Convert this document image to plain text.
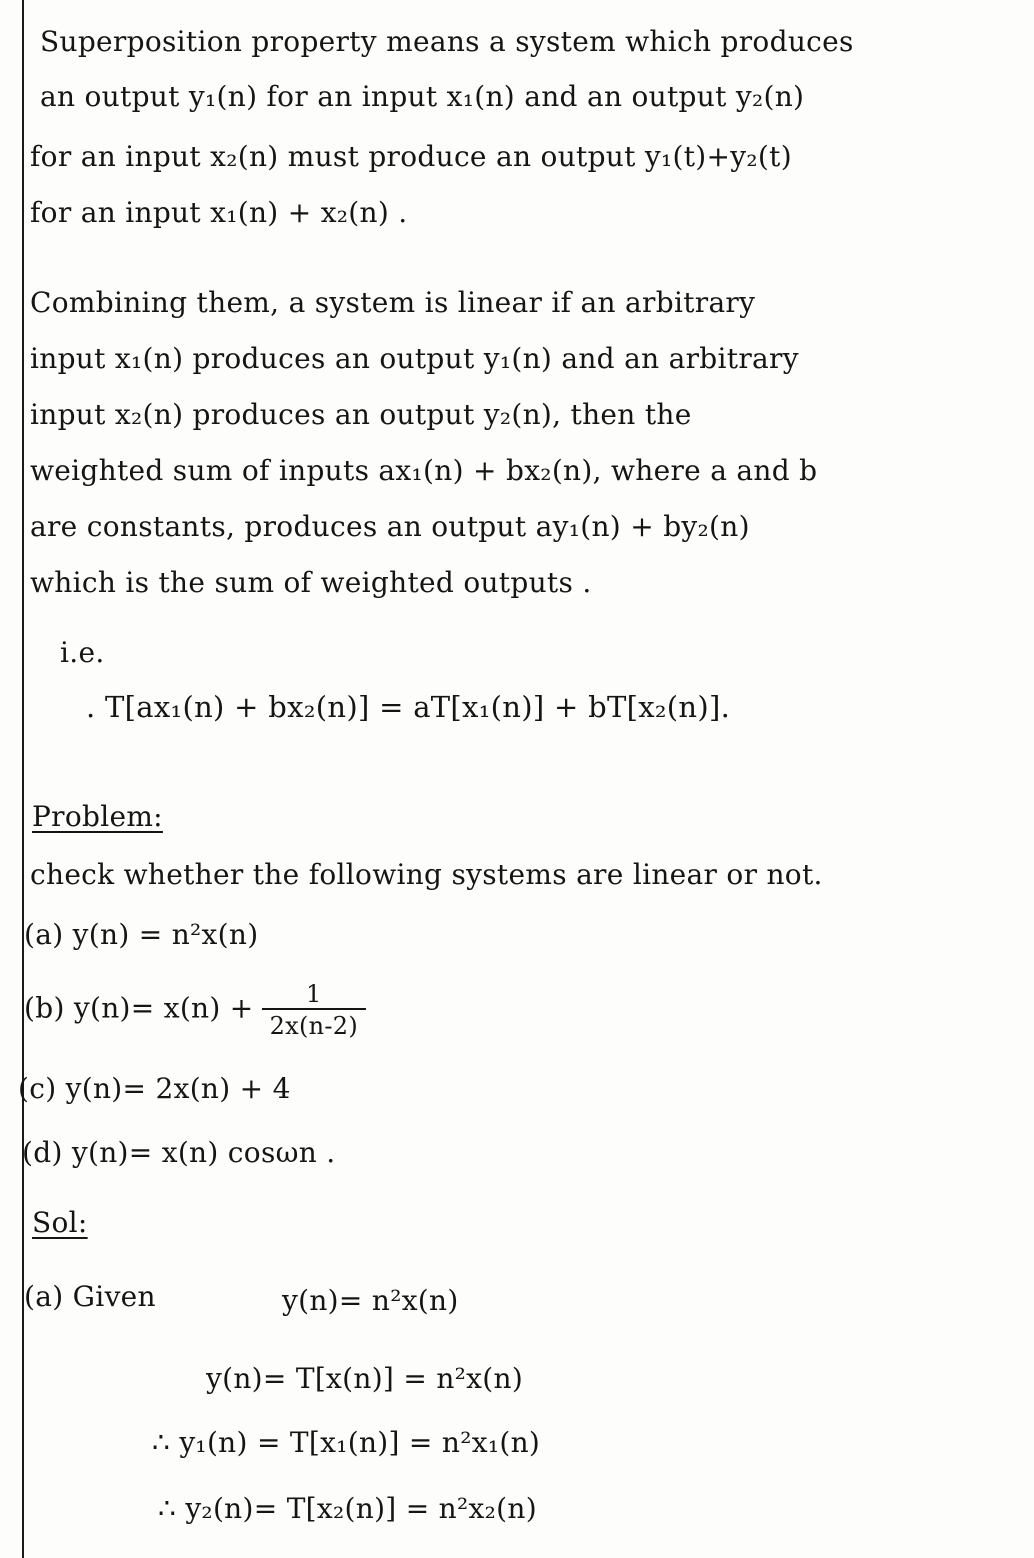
Superposition property means a system which produces
an output y₁(n) for an input x₁(n) and an output y₂(n)
for an input x₂(n) must produce an output y₁(t)+y₂(t)
for an input x₁(n) + x₂(n) .
Combining them, a system is linear if an arbitrary
input x₁(n) produces an output y₁(n) and an arbitrary
input x₂(n) produces an output y₂(n), then the
weighted sum of inputs ax₁(n) + bx₂(n), where a and b
are constants, produces an output ay₁(n) + by₂(n)
which is the sum of weighted outputs .
i.e.
. T[ax₁(n) + bx₂(n)] = aT[x₁(n)] + bT[x₂(n)].
Problem:
check whether the following systems are linear or not.
(a) y(n) = n²x(n)
(b) $y(n)= x(n) + \frac{1}{2x(n-2)}$
(c) y(n)= 2x(n) + 4
(d) y(n)= x(n) cosωn .
Sol:
(a) Given	y(n)= n²x(n)
y(n)= T[x(n)] = n²x(n)
∴ y₁(n) = T[x₁(n)] = n²x₁(n)
∴ y₂(n)= T[x₂(n)] = n²x₂(n)
